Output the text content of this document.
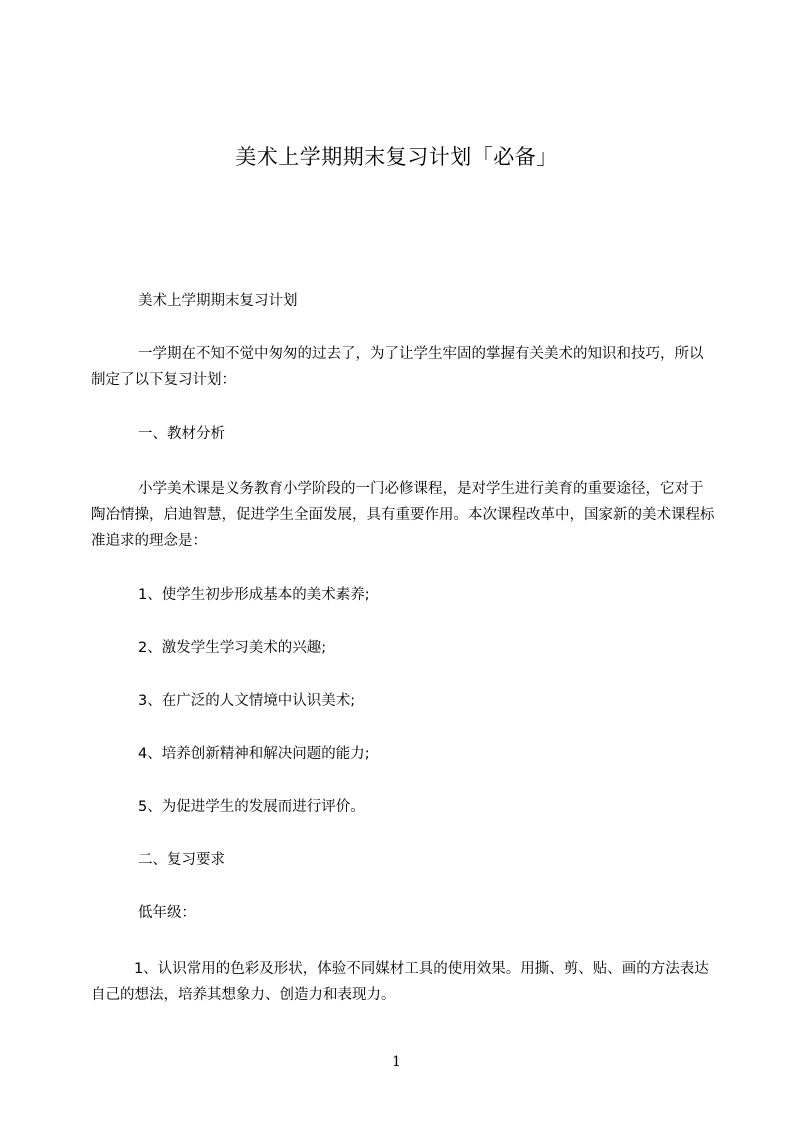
美术上学期期末复习计划「必备」
美术上学期期末复习计划
一学期在不知不觉中匆匆的过去了，为了让学生牢固的掌握有关美术的知识和技巧，所以制定了以下复习计划：
一、教材分析
小学美术课是义务教育小学阶段的一门必修课程，是对学生进行美育的重要途径，它对于陶冶情操，启迪智慧，促进学生全面发展，具有重要作用。本次课程改革中，国家新的美术课程标准追求的理念是：
1、使学生初步形成基本的美术素养;
2、激发学生学习美术的兴趣;
3、在广泛的人文情境中认识美术;
4、培养创新精神和解决问题的能力;
5、为促进学生的发展而进行评价。
二、复习要求
低年级：
1、认识常用的色彩及形状，体验不同媒材工具的使用效果。用撕、剪、贴、画的方法表达自己的想法，培养其想象力、创造力和表现力。
1
